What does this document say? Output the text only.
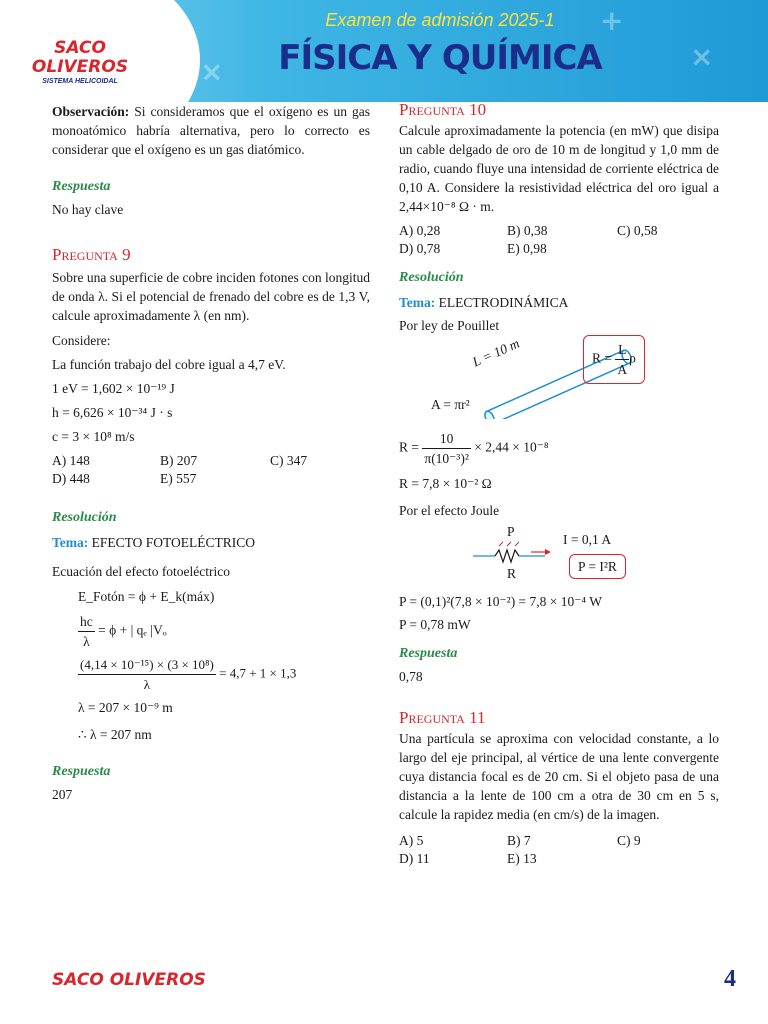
+
×
×
Examen de admisión 2025-1
FÍSICA Y QUÍMICA
SACO
OLIVEROS
SISTEMA HELICOIDAL

Observación: Si consideramos que el oxígeno es un gas monoatómico habría alternativa, pero lo correcto es considerar que el oxígeno es un gas diatómico.

Respuesta
No hay clave
Pregunta 9

Sobre una superficie de cobre inciden fotones con longitud de onda λ. Si el potencial de frenado del cobre es de 1,3 V, calcule aproximadamente λ (en nm).

Considere:
La función trabajo del cobre igual a 4,7 eV.
1 eV = 1,602 × 10⁻¹⁹ J
h = 6,626 × 10⁻³⁴ J · s
c = 3 × 10⁸ m/s
A) 148	B) 207	C) 347
D) 448	E) 557
Resolución
Tema: EFECTO FOTOELÉCTRICO
Ecuación del efecto fotoeléctrico
E_Fotón = ϕ + E_k(máx)
$\frac{hc}{\lambda} = \phi$ + | qₑ |Vₒ
$\frac{\text{(4,14 × 10⁻¹⁵) × (3 × 10⁸)}}{\lambda} = 4,7 + 1 \times 1,3$
λ = 207 × 10⁻⁹ m
∴ λ = 207 nm
Respuesta
207
Pregunta 10

Calcule aproximadamente la potencia (en mW) que disipa un cable delgado de oro de 10 m de longitud y 1,0 mm de radio, cuando fluye una intensidad de corriente eléctrica de 0,10 A. Considere la resistividad eléctrica del oro igual a 2,44×10⁻⁸ Ω · m.

A) 0,28	B) 0,38	C) 0,58
D) 0,78	E) 0,98
Resolución
Tema: ELECTRODINÁMICA
Por ley de Pouillet
L = 10 m
A = πr²
$R = \frac{L}{A}$ ρ
$R = \frac{10}{\text{π(10⁻³)²}} \times 2,44 \times 10^{-8}$
R = 7,8 × 10⁻² Ω
Por el efecto Joule
P
R
I = 0,1 A
P = I²R
P = (0,1)²(7,8 × 10⁻²) = 7,8 × 10⁻⁴ W
P = 0,78 mW
Respuesta
0,78
Pregunta 11

Una partícula se aproxima con velocidad constante, a lo largo del eje principal, al vértice de una lente convergente cuya distancia focal es de 20 cm. Si el objeto pasa de una distancia a la lente de 100 cm a otra de 30 cm en 5 s, calcule la rapidez media (en cm/s) de la imagen.

A) 5	B) 7	C) 9
D) 11	E) 13
SACO OLIVEROS	4
